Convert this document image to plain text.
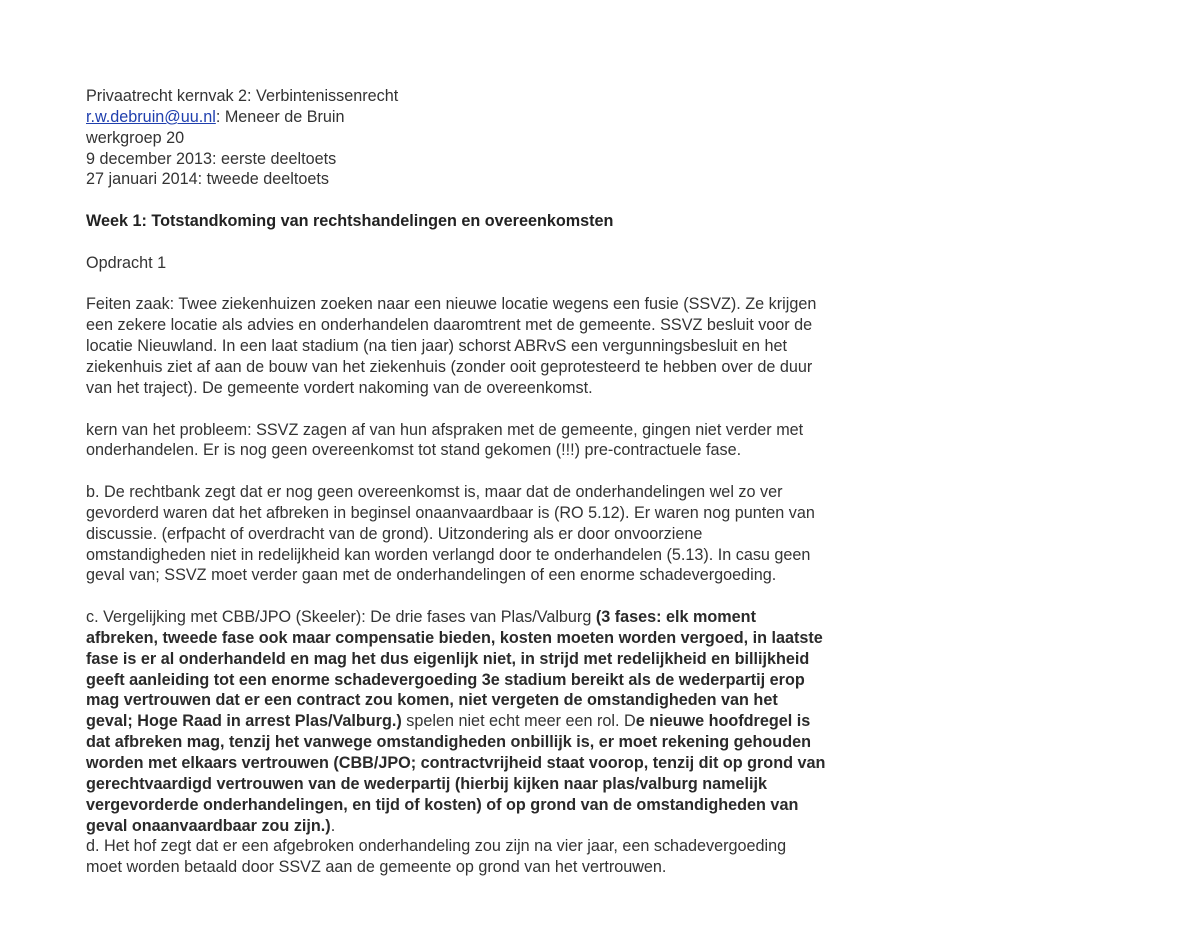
Privaatrecht kernvak 2: Verbintenissenrecht
r.w.debruin@uu.nl: Meneer de Bruin
werkgroep 20
9 december 2013: eerste deeltoets
27 januari 2014: tweede deeltoets
Week 1: Totstandkoming van rechtshandelingen en overeenkomsten
Opdracht 1

Feiten zaak: Twee ziekenhuizen zoeken naar een nieuwe locatie wegens een fusie (SSVZ). Ze krijgen een zekere locatie als advies en onderhandelen daaromtrent met de gemeente. SSVZ besluit voor de locatie Nieuwland. In een laat stadium (na tien jaar) schorst ABRvS een vergunningsbesluit en het ziekenhuis ziet af aan de bouw van het ziekenhuis (zonder ooit geprotesteerd te hebben over de duur van het traject). De gemeente vordert nakoming van de overeenkomst.

kern van het probleem: SSVZ zagen af van hun afspraken met de gemeente, gingen niet verder met onderhandelen. Er is nog geen overeenkomst tot stand gekomen (!!!) pre-contractuele fase.

b. De rechtbank zegt dat er nog geen overeenkomst is, maar dat de onderhandelingen wel zo ver gevorderd waren dat het afbreken in beginsel onaanvaardbaar is (RO 5.12). Er waren nog punten van discussie. (erfpacht of overdracht van de grond). Uitzondering als er door onvoorziene omstandigheden niet in redelijkheid kan worden verlangd door te onderhandelen (5.13). In casu geen geval van; SSVZ moet verder gaan met de onderhandelingen of een enorme schadevergoeding.

c. Vergelijking met CBB/JPO (Skeeler): De drie fases van Plas/Valburg (3 fases: elk moment afbreken, tweede fase ook maar compensatie bieden, kosten moeten worden vergoed, in laatste fase is er al onderhandeld en mag het dus eigenlijk niet, in strijd met redelijkheid en billijkheid geeft aanleiding tot een enorme schadevergoeding 3e stadium bereikt als de wederpartij erop mag vertrouwen dat er een contract zou komen, niet vergeten de omstandigheden van het geval; Hoge Raad in arrest Plas/Valburg.) spelen niet echt meer een rol. De nieuwe hoofdregel is dat afbreken mag, tenzij het vanwege omstandigheden onbillijk is, er moet rekening gehouden worden met elkaars vertrouwen (CBB/JPO; contractvrijheid staat voorop, tenzij dit op grond van gerechtvaardigd vertrouwen van de wederpartij (hierbij kijken naar plas/valburg namelijk vergevorderde onderhandelingen, en tijd of kosten) of op grond van de omstandigheden van geval onaanvaardbaar zou zijn.).

d. Het hof zegt dat er een afgebroken onderhandeling zou zijn na vier jaar, een schadevergoeding moet worden betaald door SSVZ aan de gemeente op grond van het vertrouwen.
